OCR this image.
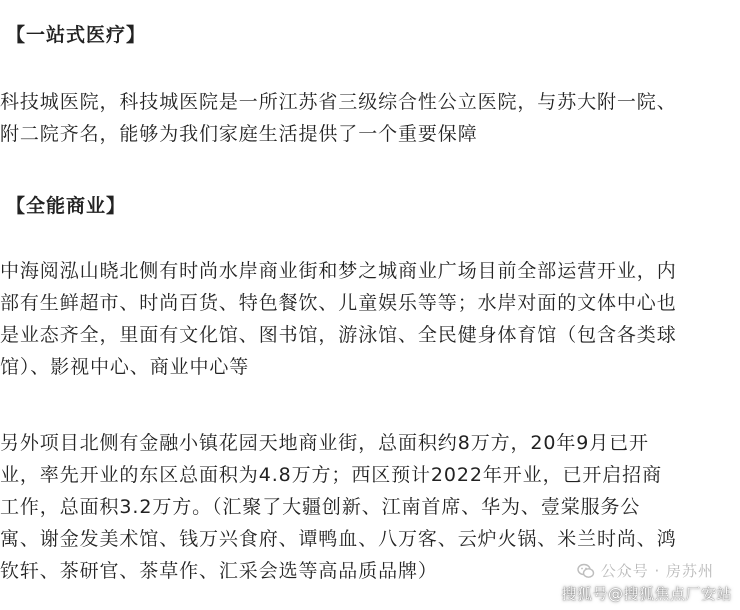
【一站式医疗】
科技城医院，科技城医院是一所江苏省三级综合性公立医院，与苏大附一院、
附二院齐名，能够为我们家庭生活提供了一个重要保障
【全能商业】
中海阅泓山晓北侧有时尚水岸商业街和梦之城商业广场目前全部运营开业，内
部有生鲜超市、时尚百货、特色餐饮、儿童娱乐等等；水岸对面的文体中心也
是业态齐全，里面有文化馆、图书馆，游泳馆、全民健身体育馆（包含各类球
馆）、影视中心、商业中心等
另外项目北侧有金融小镇花园天地商业街，总面积约8万方，20年9月已开
业，率先开业的东区总面积为4.8万方；西区预计2022年开业，已开启招商
工作，总面积3.2万方。（汇聚了大疆创新、江南首席、华为、壹棠服务公
寓、谢金发美术馆、钱万兴食府、谭鸭血、八万客、云炉火锅、米兰时尚、鸿
钦轩、茶研官、茶草作、汇采会选等高品质品牌）	公众号 · 房苏州
搜狐号@搜狐焦点厂安站
